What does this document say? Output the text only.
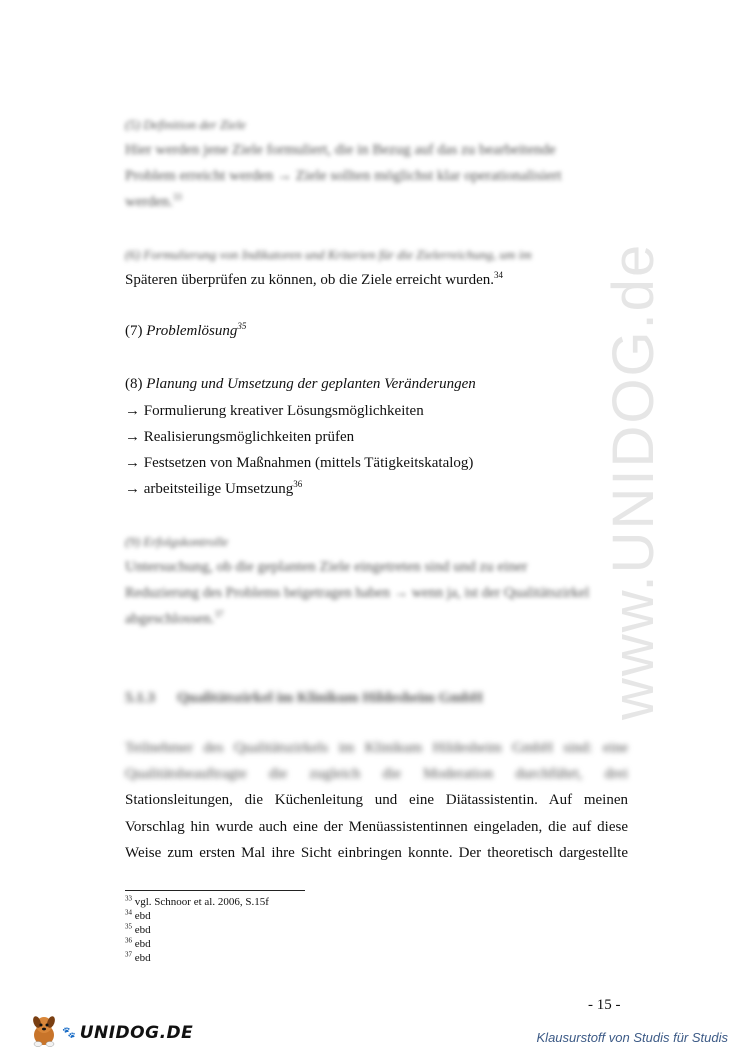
www.UNIDOG.de
(5) Definition der Ziele
Hier werden jene Ziele formuliert, die in Bezug auf das zu bearbeitende
Problem erreicht werden → Ziele sollten möglichst klar operationalisiert
werden.$^{33}$
(6) Formulierung von Indikatoren und Kriterien für die Zielerreichung, um im
Späteren überprüfen zu können, ob die Ziele erreicht wurden.$^{34}$
(7) Problemlösung$^{35}$
(8) Planung und Umsetzung der geplanten Veränderungen
→ Formulierung kreativer Lösungsmöglichkeiten
→ Realisierungsmöglichkeiten prüfen
→ Festsetzen von Maßnahmen (mittels Tätigkeitskatalog)
→ arbeitsteilige Umsetzung$^{36}$
(9) Erfolgskontrolle
Untersuchung, ob die geplanten Ziele eingetreten sind und zu einer
Reduzierung des Problems beigetragen haben → wenn ja, ist der Qualitätszirkel
abgeschlossen.$^{37}$
5.1.3 Qualitätszirkel im Klinikum Hildesheim GmbH
Teilnehmer des Qualitätszirkels im Klinikum Hildesheim GmbH sind: eine
Qualitätsbeauftragte die zugleich die Moderation durchführt, drei
Stationsleitungen, die Küchenleitung und eine Diätassistentin. Auf meinen
Vorschlag hin wurde auch eine der Menüassistentinnen eingeladen, die auf diese
Weise zum ersten Mal ihre Sicht einbringen konnte. Der theoretisch dargestellte
$^{33}$ vgl. Schnoor et al. 2006, S.15f
$^{34}$ ebd
$^{35}$ ebd
$^{36}$ ebd
$^{37}$ ebd
- 15 -
🐾 UNIDOG.DE	Klausurstoff von Studis für Studis
